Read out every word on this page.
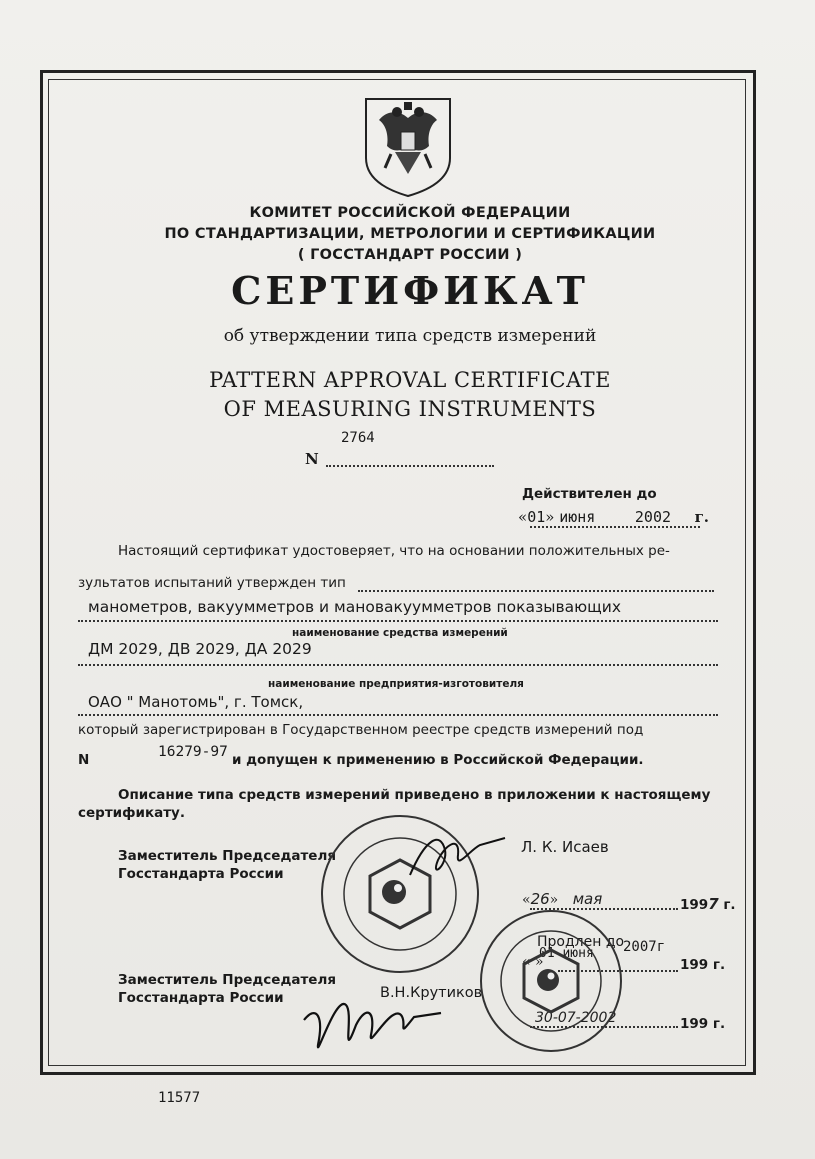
КОМИТЕТ РОССИЙСКОЙ ФЕДЕРАЦИИ
ПО СТАНДАРТИЗАЦИИ, МЕТРОЛОГИИ И СЕРТИФИКАЦИИ
( ГОССТАНДАРТ РОССИИ )
СЕРТИФИКАТ
об утверждении типа средств измерений
PATTERN APPROVAL CERTIFICATE
OF MEASURING INSTRUMENTS
2764
N
Действителен до
«01» июня	2002 г.
Настоящий сертификат удостоверяет, что на основании положительных ре-
зультатов испытаний утвержден тип
манометров, вакуумметров и мановакуумметров показывающих
наименование средства измерений
ДМ 2029, ДВ 2029, ДА 2029
наименование предприятия-изготовителя
ОАО " Манотомь", г. Томск,
который зарегистрирован в Государственном реестре средств измерений под
N	16279-97 и допущен к применению в Российской Федерации.
Описание типа средств измерений приведено в приложении к настоящему
сертификату.
Заместитель Председателя
Госстандарта России
Л. К. Исаев
«26» мая	1997 г.
Продлен до
01 июня 2007г
« »	199 г.
Заместитель Председателя
Госстандарта России	В.Н.Крутиков
30-07-2002	199 г.
11577
